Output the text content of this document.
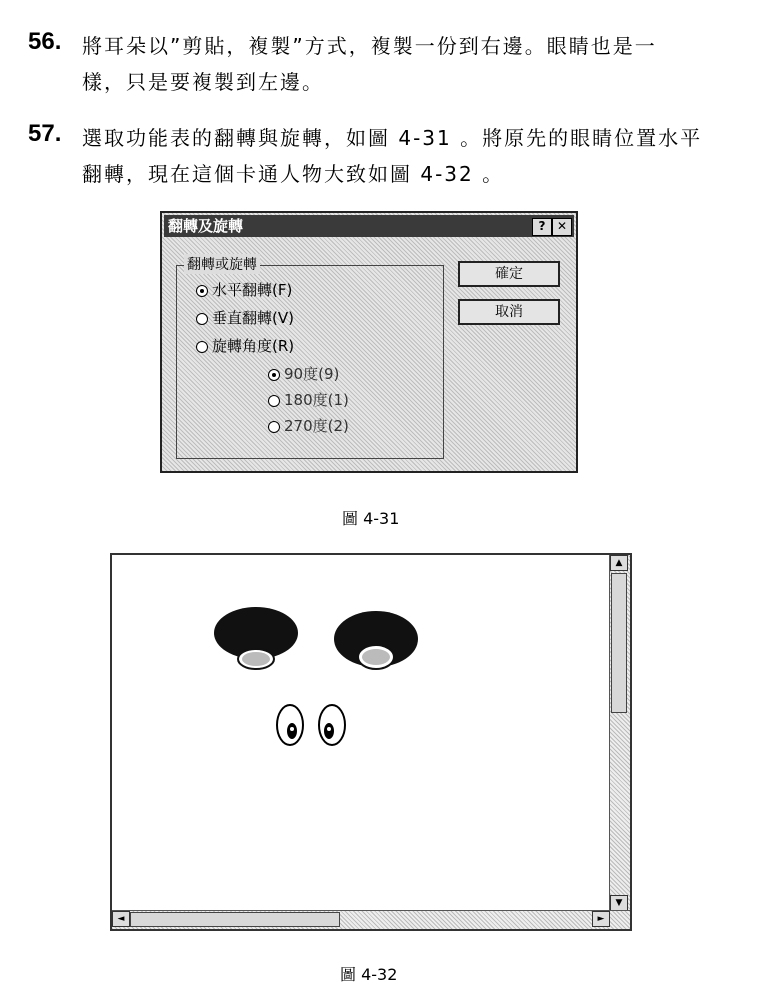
56. 將耳朵以”剪貼，複製”方式，複製一份到右邊。眼睛也是一
樣，只是要複製到左邊。
57. 選取功能表的翻轉與旋轉，如圖 4-31 。將原先的眼睛位置水平
翻轉，現在這個卡通人物大致如圖 4-32 。
翻轉及旋轉	? ✕
翻轉或旋轉
水平翻轉(F)
垂直翻轉(V)
旋轉角度(R)
90度(9)
180度(1)
270度(2)
確定
取消
圖 4-31
▲
▼
◄	►
圖 4-32
